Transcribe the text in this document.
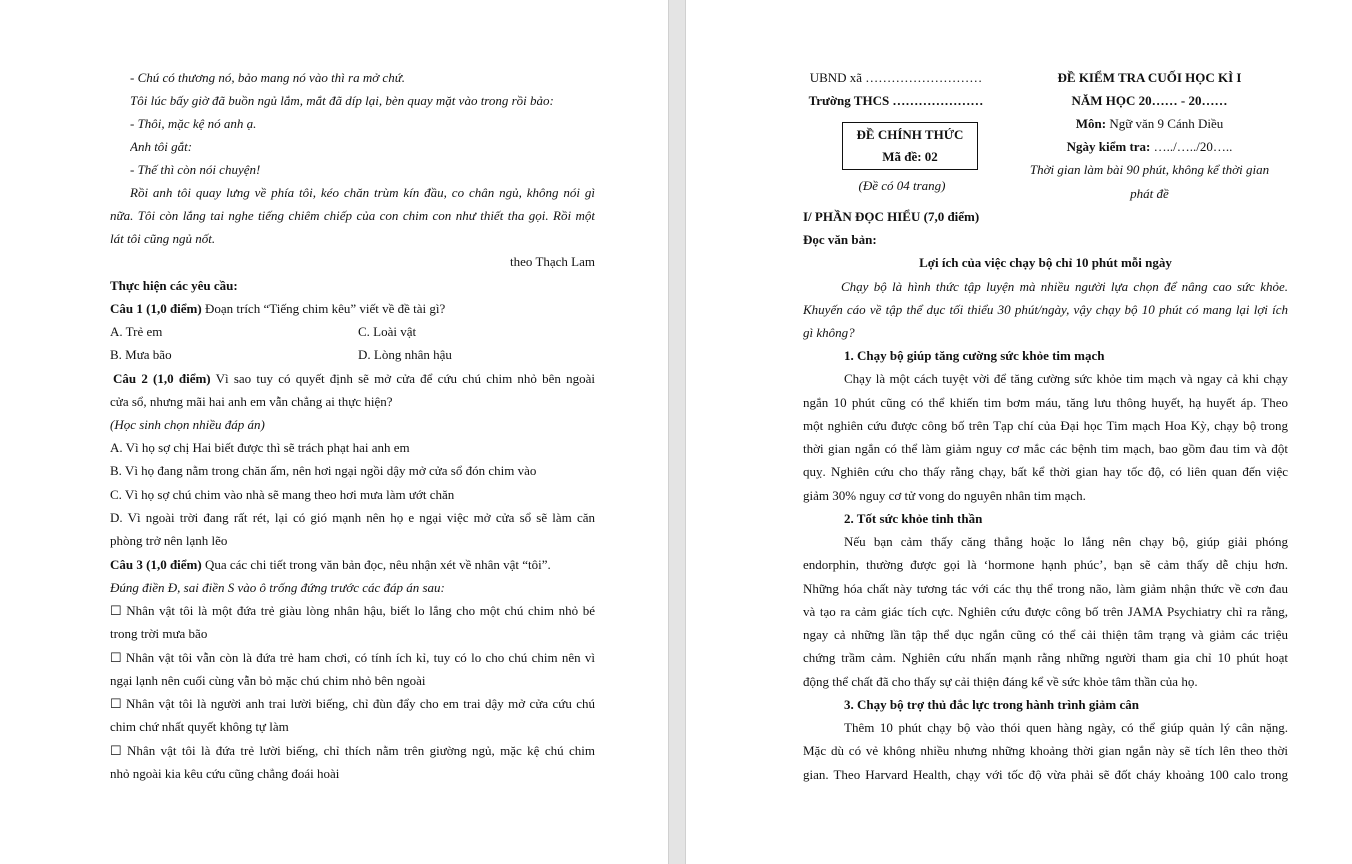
- Chú có thương nó, bảo mang nó vào thì ra mở chứ.
Tôi lúc bấy giờ đã buồn ngủ lắm, mắt đã díp lại, bèn quay mặt vào trong rồi bảo:
- Thôi, mặc kệ nó anh ạ.
Anh tôi gắt:
- Thế thì còn nói chuyện!
Rồi anh tôi quay lưng về phía tôi, kéo chăn trùm kín đầu, co chân ngủ, không nói gì
nữa. Tôi còn lắng tai nghe tiếng chiêm chiếp của con chim con như thiết tha gọi. Rồi một
lát tôi cũng ngủ nốt.
theo Thạch Lam
Thực hiện các yêu cầu:
Câu 1 (1,0 điểm) Đoạn trích “Tiếng chim kêu” viết về đề tài gì?
A. Trẻ em	C. Loài vật
B. Mưa bão	D. Lòng nhân hậu
Câu 2 (1,0 điểm) Vì sao tuy có quyết định sẽ mở cửa để cứu chú chim nhỏ bên ngoài
cửa sổ, nhưng mãi hai anh em vẫn chẳng ai thực hiện?
(Học sinh chọn nhiều đáp án)
A. Vì họ sợ chị Hai biết được thì sẽ trách phạt hai anh em
B. Vì họ đang nằm trong chăn ấm, nên hơi ngại ngồi dậy mở cửa sổ đón chim vào
C. Vì họ sợ chú chim vào nhà sẽ mang theo hơi mưa làm ướt chăn
D. Vì ngoài trời đang rất rét, lại có gió mạnh nên họ e ngại việc mở cửa sổ sẽ làm căn
phòng trở nên lạnh lẽo
Câu 3 (1,0 điểm) Qua các chi tiết trong văn bản đọc, nêu nhận xét về nhân vật “tôi”.
Đúng điền Đ, sai điền S vào ô trống đứng trước các đáp án sau:
☐ Nhân vật tôi là một đứa trẻ giàu lòng nhân hậu, biết lo lắng cho một chú chim nhỏ bé
trong trời mưa bão
☐ Nhân vật tôi vẫn còn là đứa trẻ ham chơi, có tính ích kỉ, tuy có lo cho chú chim nên vì
ngại lạnh nên cuối cùng vẫn bỏ mặc chú chim nhỏ bên ngoài
☐ Nhân vật tôi là người anh trai lười biếng, chỉ đùn đẩy cho em trai dậy mở cửa cứu chú
chim chứ nhất quyết không tự làm
☐ Nhân vật tôi là đứa trẻ lười biếng, chỉ thích nằm trên giường ngủ, mặc kệ chú chim
nhỏ ngoài kia kêu cứu cũng chẳng đoái hoài
UBND xã ………………………
Trường THCS …………………
ĐỀ CHÍNH THỨC
Mã đề: 02
(Đề có 04 trang)
ĐỀ KIỂM TRA CUỐI HỌC KÌ I
NĂM HỌC 20…… - 20……
Môn: Ngữ văn 9 Cánh Diều
Ngày kiểm tra: …../…../20…..
Thời gian làm bài 90 phút, không kể thời gian
phát đề
I/ PHẦN ĐỌC HIỂU (7,0 điểm)
Đọc văn bản:
Lợi ích của việc chạy bộ chỉ 10 phút mỗi ngày
Chạy bộ là hình thức tập luyện mà nhiều người lựa chọn để nâng cao sức khỏe.
Khuyến cáo về tập thể dục tối thiểu 30 phút/ngày, vậy chạy bộ 10 phút có mang lại lợi ích
gì không?
1. Chạy bộ giúp tăng cường sức khỏe tim mạch
Chạy là một cách tuyệt vời để tăng cường sức khỏe tim mạch và ngay cả khi chạy
ngắn 10 phút cũng có thể khiến tim bơm máu, tăng lưu thông huyết, hạ huyết áp. Theo
một nghiên cứu được công bố trên Tạp chí của Đại học Tim mạch Hoa Kỳ, chạy bộ trong
thời gian ngắn có thể làm giảm nguy cơ mắc các bệnh tim mạch, bao gồm đau tim và đột
quỵ. Nghiên cứu cho thấy rằng chạy, bất kể thời gian hay tốc độ, có liên quan đến việc
giảm 30% nguy cơ tử vong do nguyên nhân tim mạch.
2. Tốt sức khỏe tinh thần
Nếu bạn cảm thấy căng thẳng hoặc lo lắng nên chạy bộ, giúp giải phóng
endorphin, thường được gọi là ‘hormone hạnh phúc’, bạn sẽ cảm thấy dễ chịu hơn.
Những hóa chất này tương tác với các thụ thể trong não, làm giảm nhận thức về cơn đau
và tạo ra cảm giác tích cực. Nghiên cứu được công bố trên JAMA Psychiatry chỉ ra rằng,
ngay cả những lần tập thể dục ngắn cũng có thể cải thiện tâm trạng và giảm các triệu
chứng trầm cảm. Nghiên cứu nhấn mạnh rằng những người tham gia chỉ 10 phút hoạt
động thể chất đã cho thấy sự cải thiện đáng kể về sức khỏe tâm thần của họ.
3. Chạy bộ trợ thủ đắc lực trong hành trình giảm cân
Thêm 10 phút chạy bộ vào thói quen hàng ngày, có thể giúp quản lý cân nặng.
Mặc dù có vẻ không nhiều nhưng những khoảng thời gian ngắn này sẽ tích lên theo thời
gian. Theo Harvard Health, chạy với tốc độ vừa phải sẽ đốt cháy khoảng 100 calo trong
